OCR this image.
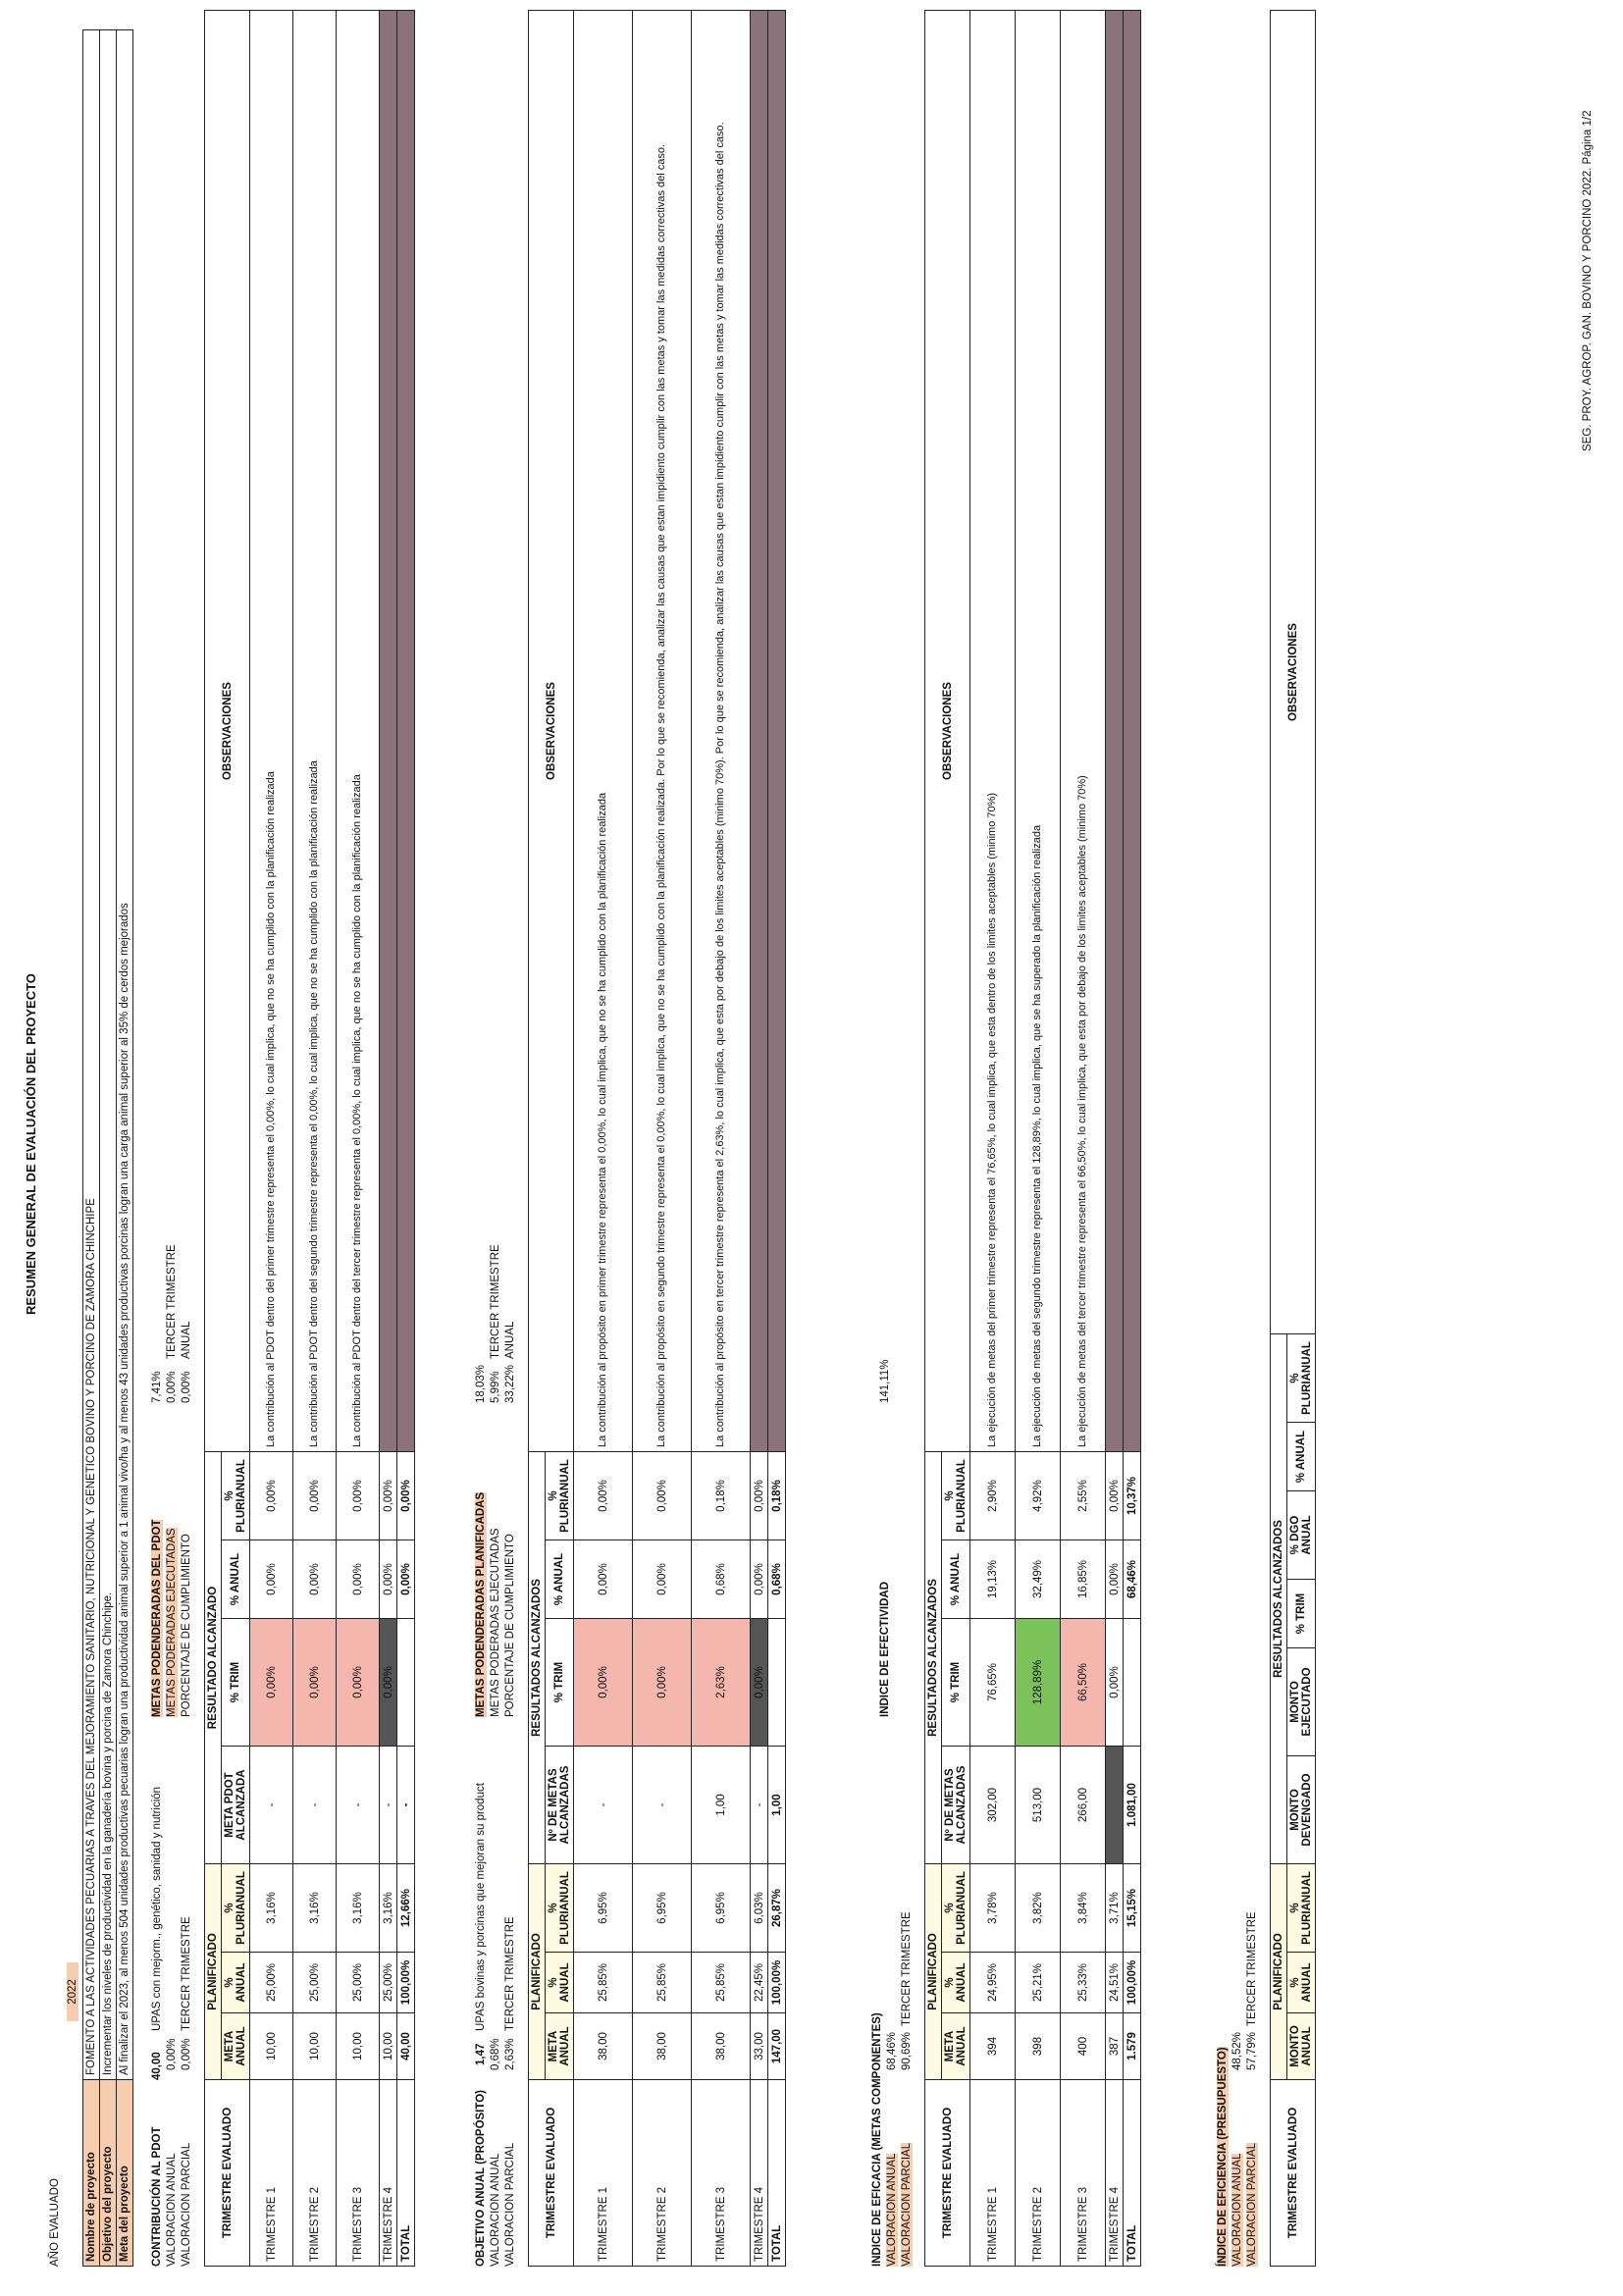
RESUMEN GENERAL DE EVALUACIÓN DEL PROYECTO
AÑO EVALUADO
2022
Nombre de proyecto	FOMENTO A LAS ACTIVIDADES PECUARIAS A TRAVES DEL MEJORAMIENTO SANITARIO, NUTRICIONAL Y GENETICO BOVINO Y PORCINO DE ZAMORA CHINCHIPE
Objetivo del proyecto	Incrementar los niveles de productividad en la ganadería bovina y porcina de Zamora Chinchipe.
Meta del proyecto	Al finalizar el 2023, al menos 504 unidades productivas pecuarias logran una productividad animal superior a 1 animal vivo/ha y al menos 43 unidades productivas porcinas logran una carga animal superior al 35% de cerdos mejorados
CONTRIBUCIÓN AL PDOT
40,00
UPAS con mejorm., genético, sanidad y nutrición
VALORACION ANUAL
0,00%
VALORACION PARCIAL
0,00%
TERCER TRIMESTRE
METAS PODENDERADAS DEL PDOT
7,41%
METAS PODERADAS EJECUTADAS
0,00%
TERCER TRIMESTRE
PORCENTAJE DE CUMPLIMIENTO
0,00%
ANUAL
TRIMESTRE EVALUADO	PLANIFICADO			RESULTADO ALCANZADO				OBSERVACIONES
	META ANUAL	% ANUAL	% PLURIANUAL	META PDOT ALCANZADA	% TRIM	% ANUAL	% PLURIANUAL	
TRIMESTRE 1	10,00	25,00%	3,16%	-	0,00%	0,00%	0,00%	La contribución al PDOT dentro del primer trimestre representa el 0,00%, lo cual implica, que no se ha cumplido con la planificación realizada
TRIMESTRE 2	10,00	25,00%	3,16%	-	0,00%	0,00%	0,00%	La contribución al PDOT dentro del segundo trimestre representa el 0,00%, lo cual implica, que no se ha cumplido con la planificación realizada
TRIMESTRE 3	10,00	25,00%	3,16%	-	0,00%	0,00%	0,00%	La contribución al PDOT dentro del tercer trimestre representa el 0,00%, lo cual implica, que no se ha cumplido con la planificación realizada
TRIMESTRE 4	10,00	25,00%	3,16%	-	0,00%	0,00%	0,00%	
TOTAL	40,00	100,00%	12,66%	-		0,00%	0,00%	
OBJETIVO ANUAL (PROPÓSITO)
1,47
UPAS bovinas y porcinas que mejoran su product
VALORACION ANUAL
0,68%
VALORACION PARCIAL
2,63%
TERCER TRIMESTRE
METAS PODENDERADAS PLANIFICADAS
18,03%
METAS PODERADAS EJECUTADAS
5,99%
TERCER TRIMESTRE
PORCENTAJE DE CUMPLIMIENTO
33,22%
ANUAL
TRIMESTRE EVALUADO	PLANIFICADO			RESULTADOS ALCANZADOS				OBSERVACIONES
	META ANUAL	% ANUAL	% PLURIANUAL	Nº DE METAS ALCANZADAS	% TRIM	% ANUAL	% PLURIANUAL	
TRIMESTRE 1	38,00	25,85%	6,95%	-	0,00%	0,00%	0,00%	La contribución al propósito en primer trimestre representa el 0,00%, lo cual implica, que no se ha cumplido con la planificación realizada
TRIMESTRE 2	38,00	25,85%	6,95%	-	0,00%	0,00%	0,00%	La contribución al propósito en segundo trimestre representa el 0,00%, lo cual implica, que no se ha cumplido con la planificación realizada. Por lo que se recomienda, analizar las causas que estan impidiento cumplir con las metas y tomar las medidas correctivas del caso.
TRIMESTRE 3	38,00	25,85%	6,95%	1,00	2,63%	0,68%	0,18%	La contribución al propósito en tercer trimestre representa el 2,63%, lo cual implica, que esta por debajo de los limites aceptables (minimo 70%). Por lo que se recomienda, analizar las causas que estan impidiento cumplir con las metas y tomar las medidas correctivas del caso.
TRIMESTRE 4	33,00	22,45%	6,03%	-	0,00%	0,00%	0,00%	
TOTAL	147,00	100,00%	26,87%	1,00		0,68%	0,18%	
INDICE DE EFICACIA (METAS COMPONENTES) VALORACION ANUAL
68,46%
VALORACION PARCIAL
90,69%
TERCER TRIMESTRE
INDICE DE EFECTIVIDAD
141,11%
TRIMESTRE EVALUADO	PLANIFICADO			RESULTADOS ALCANZADOS				OBSERVACIONES
	META ANUAL	% ANUAL	% PLURIANUAL	Nº DE METAS ALCANZADAS	% TRIM	% ANUAL	% PLURIANUAL	
TRIMESTRE 1	394	24,95%	3,78%	302,00	76,65%	19,13%	2,90%	La ejecución de metas del primer trimestre representa el 76,65%, lo cual implica, que esta dentro de los limites aceptables (minimo 70%)
TRIMESTRE 2	398	25,21%	3,82%	513,00	128,89%	32,49%	4,92%	La ejecución de metas del segundo trimestre representa el 128,89%, lo cual implica, que se ha superado la planificación realizada
TRIMESTRE 3	400	25,33%	3,84%	266,00	66,50%	16,85%	2,55%	La ejecución de metas del tercer trimestre representa el 66,50%, lo cual implica, que esta por debajo de los limites aceptables (minimo 70%)
TRIMESTRE 4	387	24,51%	3,71%		0,00%	0,00%	0,00%	
TOTAL	1.579	100,00%	15,15%	1.081,00		68,46%	10,37%	
ÍNDICE DE EFICIENCIA (PRESUPUESTO) VALORACION ANUAL
48,52%
VALORACION PARCIAL
57,79%
TERCER TRIMESTRE
TRIMESTRE EVALUADO	PLANIFICADO			RESULTADOS ALCANZADOS						OBSERVACIONES
	MONTO ANUAL	% ANUAL	% PLURIANUAL	MONTO DEVENGADO	MONTO EJECUTADO	% TRIM	% DGO ANUAL	% ANUAL	% PLURIANUAL	
SEG. PROY. AGROP. GAN. BOVINO Y PORCINO 2022. Página 1/2
